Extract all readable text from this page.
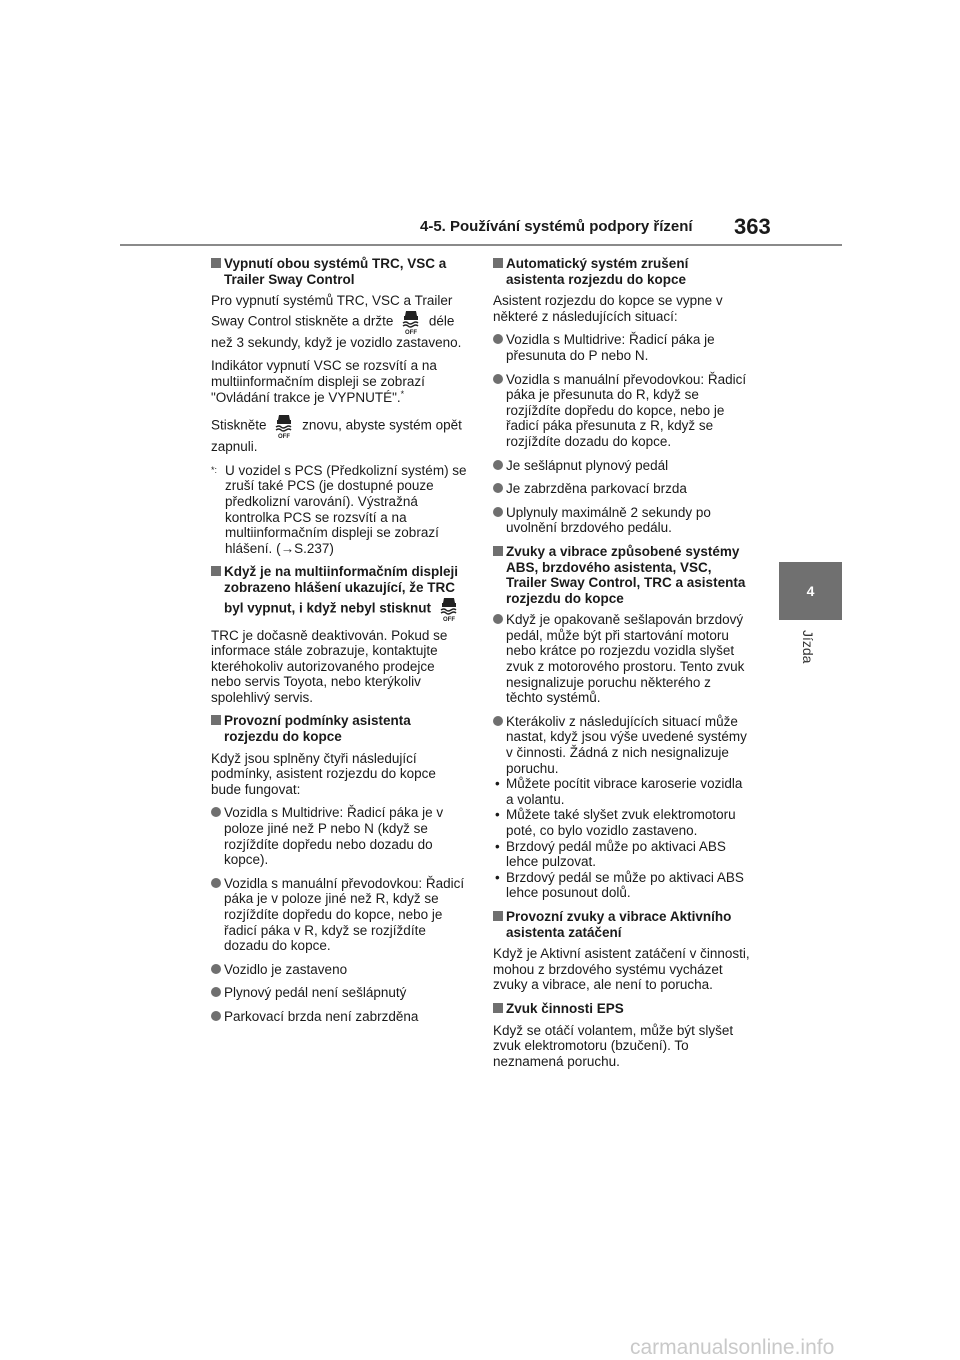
4-5. Používání systémů podpory řízení 363
4
Jízda
Vypnutí obou systémů TRC, VSC a Trailer Sway Control

Pro vypnutí systémů TRC, VSC a Trailer Sway Control stiskněte a držte
OFF
déle než 3 sekundy, když je vozidlo zastaveno.

Indikátor vypnutí VSC se rozsvítí a na multiinformačním displeji se zobrazí "Ovládání trakce je VYPNUTÉ".*

Stiskněte
OFF
znovu, abyste systém opět zapnuli.

*: U vozidel s PCS (Předkolizní systém) se zruší také PCS (je dostupné pouze předkolizní varování). Výstražná kontrolka PCS se rozsvítí a na multiinformačním displeji se zobrazí hlášení. (→S.237)
Když je na multiinformačním displeji zobrazeno hlášení ukazující, že TRC byl vypnut, i když nebyl stisknut
OFF

TRC je dočasně deaktivován. Pokud se informace stále zobrazuje, kontaktujte kteréhokoliv autorizovaného prodejce nebo servis Toyota, nebo kterýkoliv spolehlivý servis.

Provozní podmínky asistenta rozjezdu do kopce

Když jsou splněny čtyři následující podmínky, asistent rozjezdu do kopce bude fungovat:

Vozidla s Multidrive: Řadicí páka je v poloze jiné než P nebo N (když se rozjíždíte dopředu nebo dozadu do kopce).
Vozidla s manuální převodovkou: Řadicí páka je v poloze jiné než R, když se rozjíždíte dopředu do kopce, nebo je řadicí páka v R, když se rozjíždíte dozadu do kopce.
Vozidlo je zastaveno
Plynový pedál není sešlápnutý
Parkovací brzda není zabrzděna
Automatický systém zrušení asistenta rozjezdu do kopce

Asistent rozjezdu do kopce se vypne v některé z následujících situací:

Vozidla s Multidrive: Řadicí páka je přesunuta do P nebo N.
Vozidla s manuální převodovkou: Řadicí páka je přesunuta do R, když se rozjíždíte dopředu do kopce, nebo je řadicí páka přesunuta z R, když se rozjíždíte dozadu do kopce.
Je sešlápnut plynový pedál
Je zabrzděna parkovací brzda
Uplynuly maximálně 2 sekundy po uvolnění brzdového pedálu.
Zvuky a vibrace způsobené systémy ABS, brzdového asistenta, VSC, Trailer Sway Control, TRC a asistenta rozjezdu do kopce
Když je opakovaně sešlapován brzdový pedál, může být při startování motoru nebo krátce po rozjezdu vozidla slyšet zvuk z motorového prostoru. Tento zvuk nesignalizuje poruchu některého z těchto systémů.
Kterákoliv z následujících situací může nastat, když jsou výše uvedené systémy v činnosti. Žádná z nich nesignalizuje poruchu.
• Můžete pocítit vibrace karoserie vozidla a volantu.
• Můžete také slyšet zvuk elektromotoru poté, co bylo vozidlo zastaveno.
• Brzdový pedál může po aktivaci ABS lehce pulzovat.
• Brzdový pedál se může po aktivaci ABS lehce posunout dolů.
Provozní zvuky a vibrace Aktivního asistenta zatáčení

Když je Aktivní asistent zatáčení v činnosti, mohou z brzdového systému vycházet zvuky a vibrace, ale není to porucha.

Zvuk činnosti EPS

Když se otáčí volantem, může být slyšet zvuk elektromotoru (bzučení). To neznamená poruchu.

carmanualsonline.info
